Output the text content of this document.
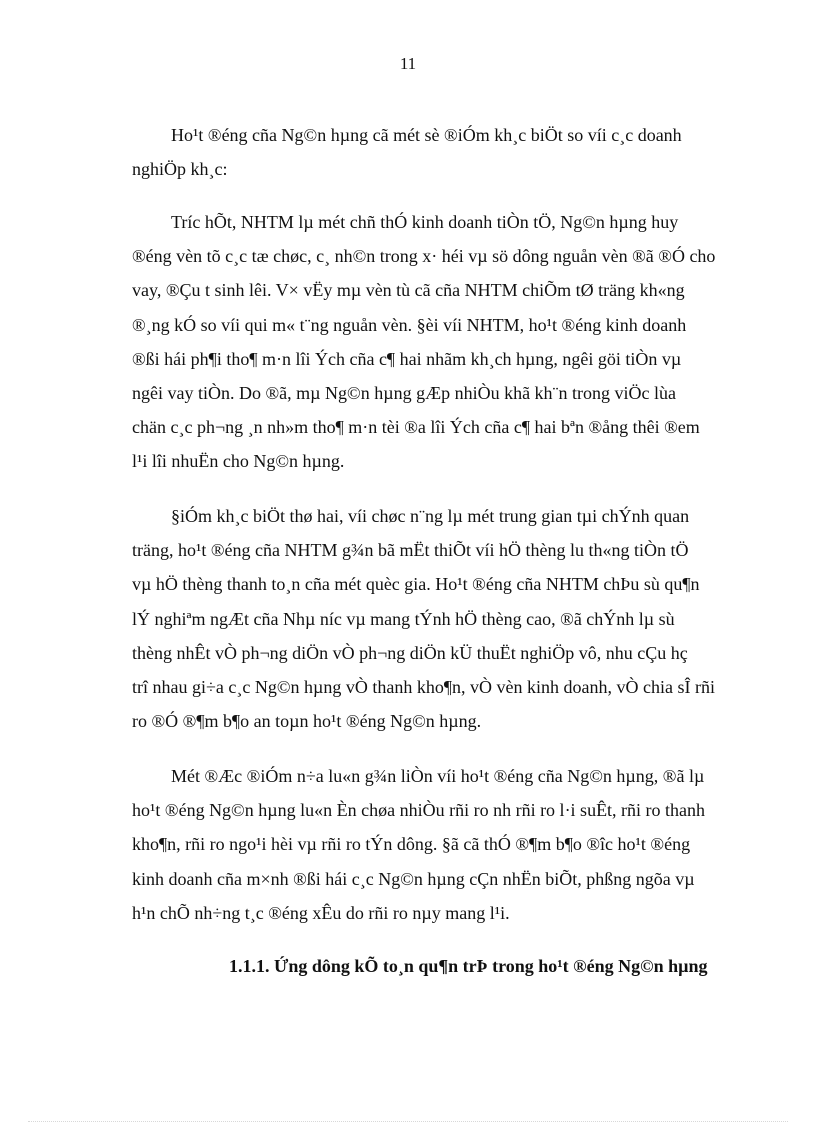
11

Ho¹t ®éng cña Ng©n hµng cã mét sè ®iÓm kh¸c biÖt so víi c¸c doanh
nghiÖp kh¸c:

Tríc hÕt, NHTM lµ mét chñ thÓ kinh doanh tiÒn tÖ, Ng©n hµng huy
®éng vèn tõ c¸c tæ chøc, c¸ nh©n trong x· héi vµ sö dông nguån vèn ®ã ®Ó cho
vay, ®Çu t sinh lêi. V× vËy mµ vèn tù cã cña NHTM chiÕm tØ träng kh«ng
®¸ng kÓ so víi qui m« t¨ng nguån vèn. §èi víi NHTM, ho¹t ®éng kinh doanh
®ßi hái ph¶i tho¶ m·n lîi Ých cña c¶ hai nhãm kh¸ch hµng, ngêi göi tiÒn vµ
ngêi vay tiÒn. Do ®ã, mµ Ng©n hµng gÆp nhiÒu khã kh¨n trong viÖc lùa
chän c¸c ph¬ng ¸n nh»m tho¶ m·n tèi ®a lîi Ých cña c¶ hai bªn ®ång thêi ®em
l¹i lîi nhuËn cho Ng©n hµng.

§iÓm kh¸c biÖt thø hai, víi chøc n¨ng lµ mét trung gian tµi chÝnh quan
träng, ho¹t ®éng cña NHTM g¾n bã mËt thiÕt víi hÖ thèng lu th«ng tiÒn tÖ
vµ hÖ thèng thanh to¸n cña mét quèc gia. Ho¹t ®éng cña NHTM chÞu sù qu¶n
lÝ nghiªm ngÆt cña Nhµ níc vµ mang tÝnh hÖ thèng cao, ®ã chÝnh lµ sù
thèng nhÊt vÒ ph¬ng diÖn vÒ ph¬ng diÖn kÜ thuËt nghiÖp vô, nhu cÇu hç
trî nhau gi÷a c¸c Ng©n hµng vÒ thanh kho¶n, vÒ vèn kinh doanh, vÒ chia sÎ rñi
ro ®Ó ®¶m b¶o an toµn ho¹t ®éng Ng©n hµng.

Mét ®Æc ®iÓm n÷a lu«n g¾n liÒn víi ho¹t ®éng cña Ng©n hµng, ®ã lµ
ho¹t ®éng Ng©n hµng lu«n Èn chøa nhiÒu rñi ro nh rñi ro l·i suÊt, rñi ro thanh
kho¶n, rñi ro ngo¹i hèi vµ rñi ro tÝn dông. §ã cã thÓ ®¶m b¶o ®îc ho¹t ®éng
kinh doanh cña m×nh ®ßi hái c¸c Ng©n hµng cÇn nhËn biÕt, phßng ngõa vµ
h¹n chÕ nh÷ng t¸c ®éng xÊu do rñi ro nµy mang l¹i.

1.1.1. Ứng dông kÕ to¸n qu¶n trÞ trong ho¹t ®éng Ng©n hµng
